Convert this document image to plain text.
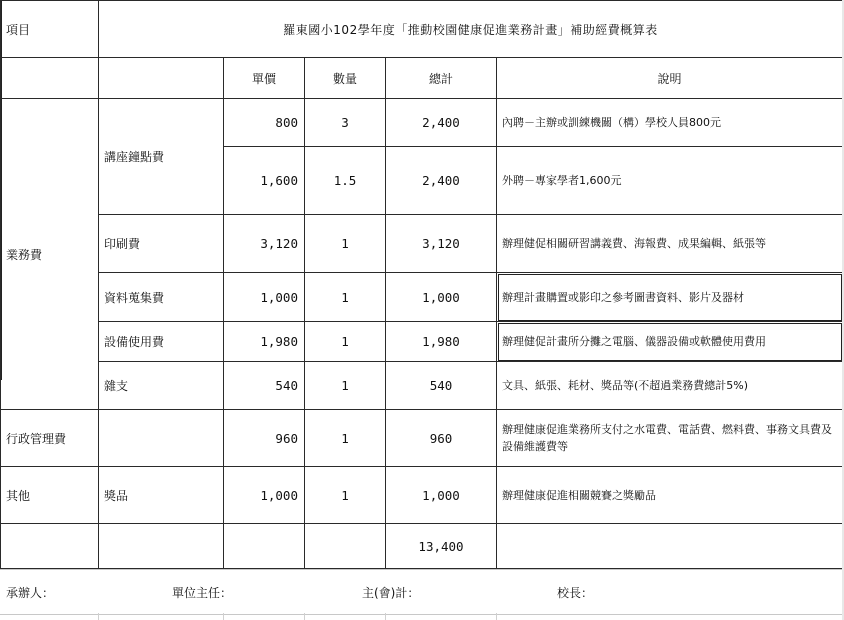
項目	羅東國小102學年度「推動校園健康促進業務計畫」補助經費概算表				
		單價	數量	總計	說明
業務費	講座鐘點費	800	3	2,400	內聘－主辦或訓練機關（構）學校人員800元
		1,600	1.5	2,400	外聘－專家學者1,600元
	印刷費	3,120	1	3,120	辦理健促相關研習講義費、海報費、成果編輯、紙張等
	資料蒐集費	1,000	1	1,000	辦理計畫購置或影印之參考圖書資料、影片及器材
	設備使用費	1,980	1	1,980	辦理健促計畫所分攤之電腦、儀器設備或軟體使用費用
	雜支	540	1	540	文具、紙張、耗材、獎品等(不超過業務費總計5%)
行政管理費		960	1	960	辦理健康促進業務所支付之水電費、電話費、燃料費、事務文具費及設備維護費等
其他	獎品	1,000	1	1,000	辦理健康促進相關競賽之獎勵品
				13,400	
承辦人：	單位主任：	主(會)計：	校長：
